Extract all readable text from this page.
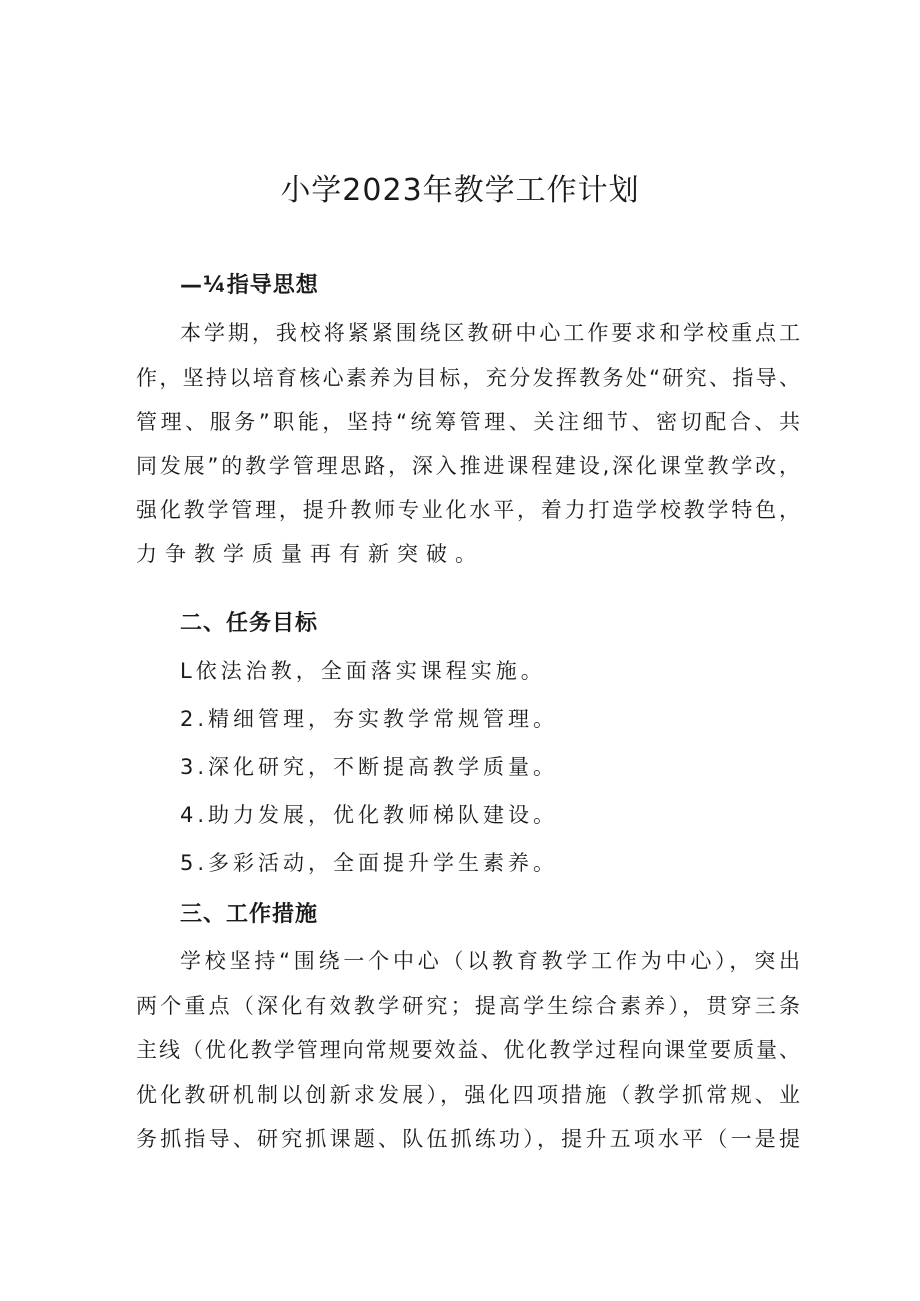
小学2023年教学工作计划
—¼指导思想
本学期，我校将紧紧围绕区教研中心工作要求和学校重点工
作，坚持以培育核心素养为目标，充分发挥教务处“研究、指导、
管理、服务”职能，坚持“统筹管理、关注细节、密切配合、共
同发展”的教学管理思路，深入推进课程建设,深化课堂教学改，
强化教学管理，提升教师专业化水平，着力打造学校教学特色，
力争教学质量再有新突破。
二、任务目标
L依法治教，全面落实课程实施。
2.精细管理，夯实教学常规管理。
3.深化研究，不断提高教学质量。
4.助力发展，优化教师梯队建设。
5.多彩活动，全面提升学生素养。
三、工作措施
学校坚持“围绕一个中心（以教育教学工作为中心），突出
两个重点（深化有效教学研究；提高学生综合素养），贯穿三条
主线（优化教学管理向常规要效益、优化教学过程向课堂要质量、
优化教研机制以创新求发展），强化四项措施（教学抓常规、业
务抓指导、研究抓课题、队伍抓练功），提升五项水平（一是提
